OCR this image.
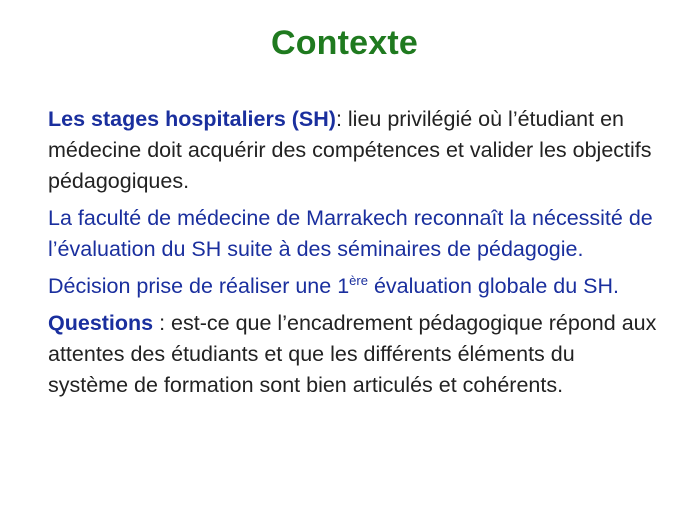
Contexte

Les stages hospitaliers (SH): lieu privilégié où l’étudiant en médecine doit acquérir des compétences et valider les objectifs pédagogiques.

La faculté de médecine de Marrakech reconnaît la nécessité de l’évaluation du SH suite à des séminaires de pédagogie.

Décision prise de réaliser une 1ère évaluation globale du SH.

Questions : est-ce que l’encadrement pédagogique répond aux attentes des étudiants et que les différents éléments du système de formation sont bien articulés et cohérents.
